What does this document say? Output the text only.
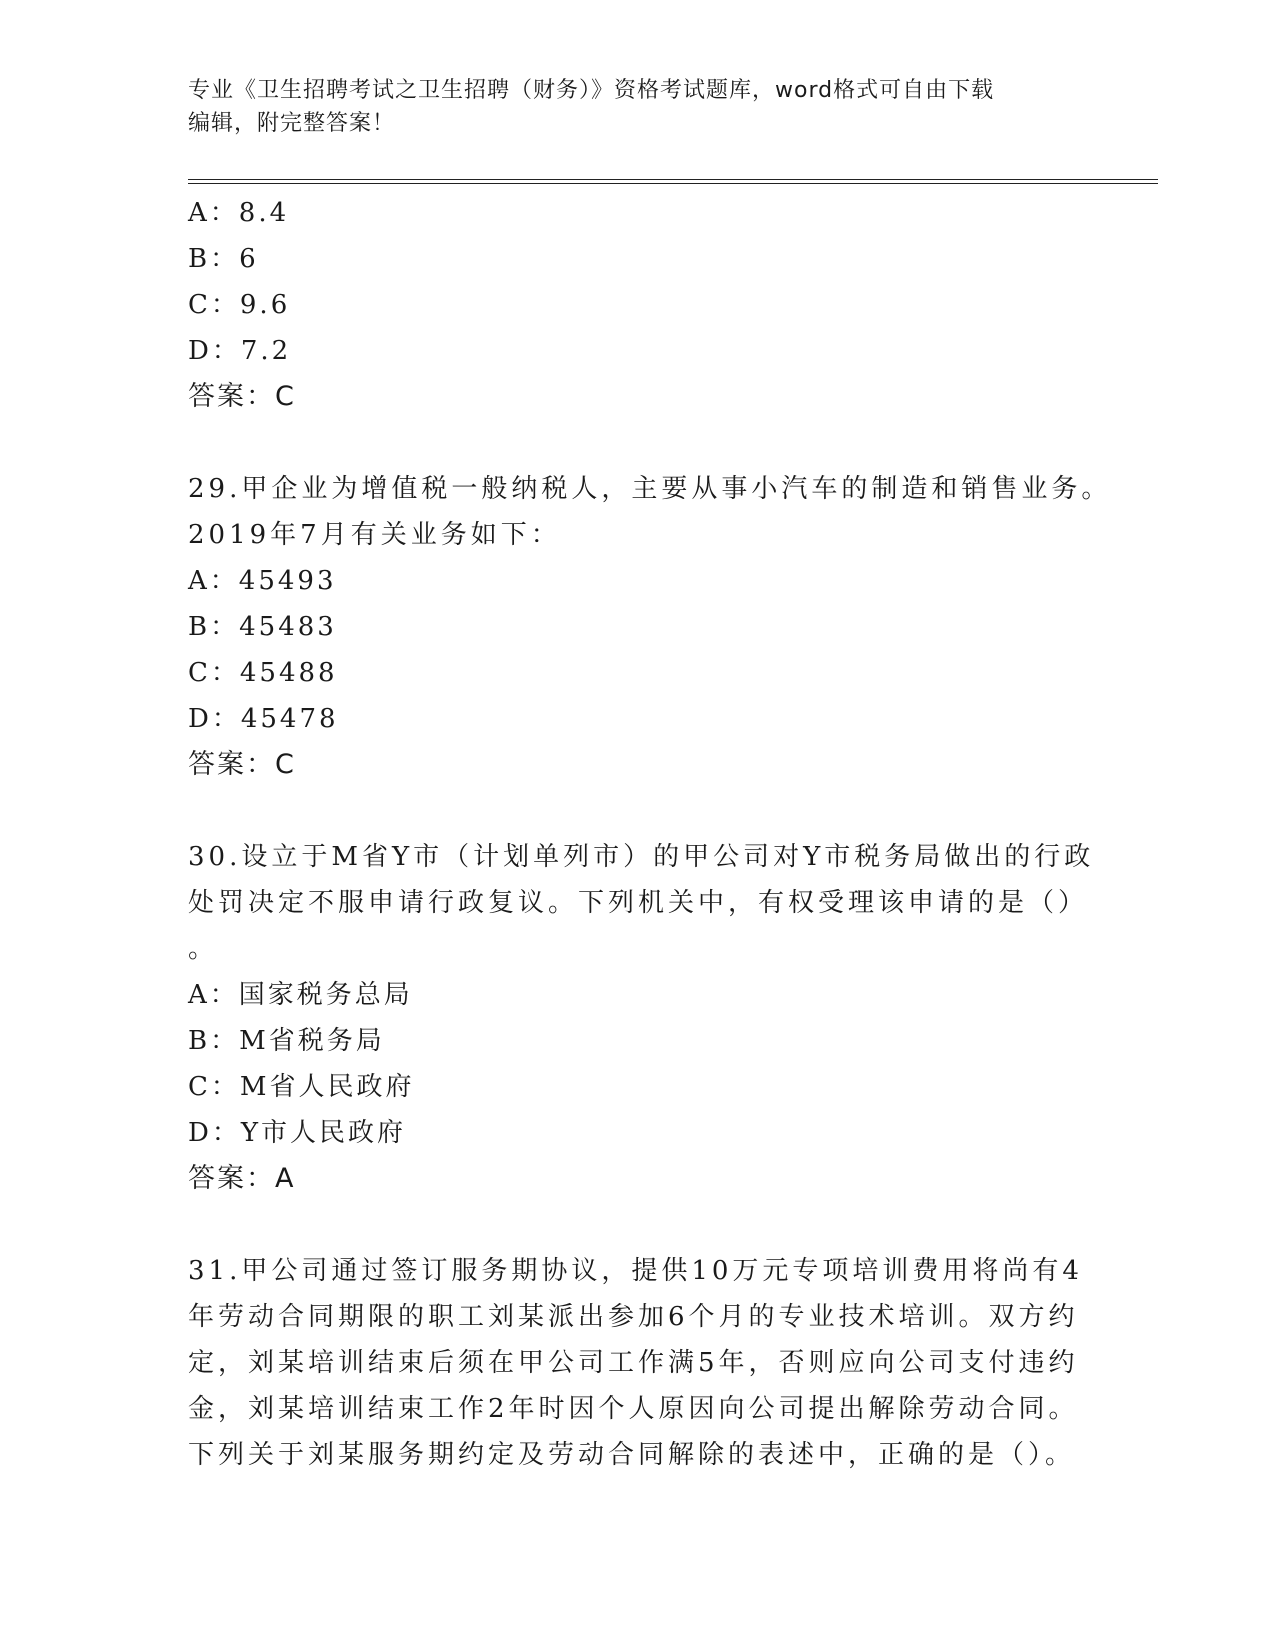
专业《卫生招聘考试之卫生招聘（财务）》资格考试题库，word格式可自由下载
编辑，附完整答案！
A：8.4
B：6
C：9.6
D：7.2
答案：C
29.甲企业为增值税一般纳税人，主要从事小汽车的制造和销售业务。
2019年7月有关业务如下：
A：45493
B：45483
C：45488
D：45478
答案：C
30.设立于M省Y市（计划单列市）的甲公司对Y市税务局做出的行政
处罚决定不服申请行政复议。下列机关中，有权受理该申请的是（）
。
A：国家税务总局
B：M省税务局
C：M省人民政府
D：Y市人民政府
答案：A
31.甲公司通过签订服务期协议，提供10万元专项培训费用将尚有4
年劳动合同期限的职工刘某派出参加6个月的专业技术培训。双方约
定，刘某培训结束后须在甲公司工作满5年，否则应向公司支付违约
金，刘某培训结束工作2年时因个人原因向公司提出解除劳动合同。
下列关于刘某服务期约定及劳动合同解除的表述中，正确的是（）。
